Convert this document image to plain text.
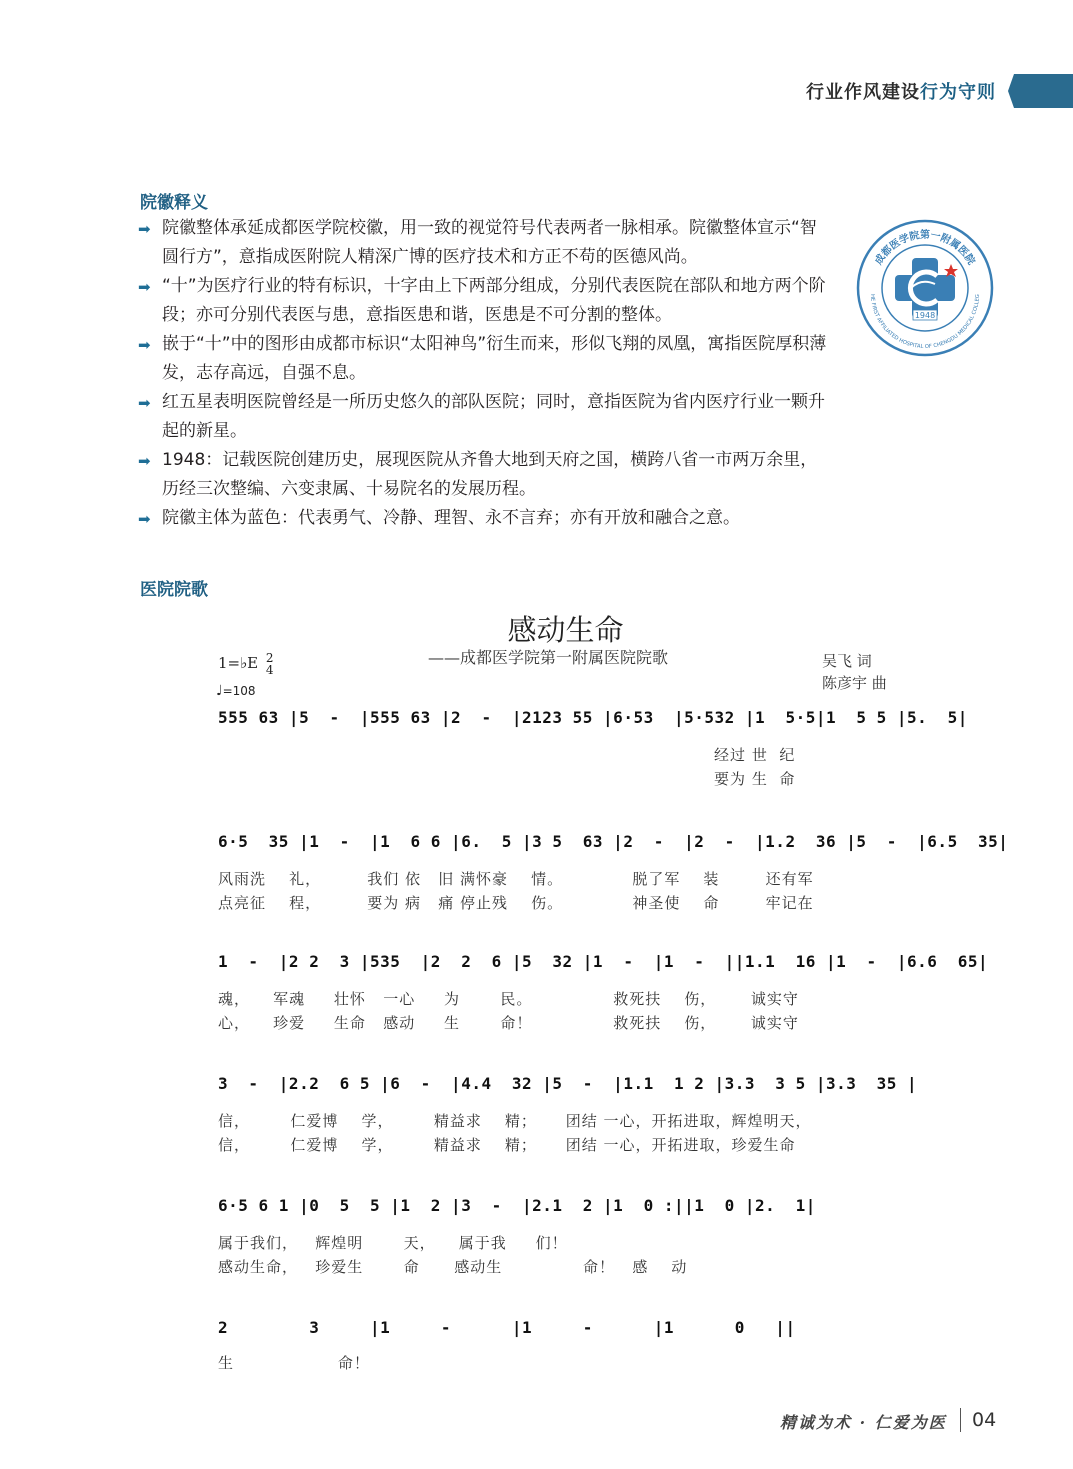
行业作风建设行为守则
院徽释义
➡ 院徽整体承延成都医学院校徽，用一致的视觉符号代表两者一脉相承。院徽整体宣示“智圆行方”，意指成医附院人精深广博的医疗技术和方正不苟的医德风尚。
➡ “十”为医疗行业的特有标识，十字由上下两部分组成，分别代表医院在部队和地方两个阶段；亦可分别代表医与患，意指医患和谐，医患是不可分割的整体。
➡ 嵌于“十”中的图形由成都市标识“太阳神鸟”衍生而来，形似飞翔的凤凰，寓指医院厚积薄发，志存高远，自强不息。
➡ 红五星表明医院曾经是一所历史悠久的部队医院；同时，意指医院为省内医疗行业一颗升起的新星。
➡ 1948：记载医院创建历史，展现医院从齐鲁大地到天府之国，横跨八省一市两万余里，历经三次整编、六变隶属、十易院名的发展历程。
➡ 院徽主体为蓝色：代表勇气、冷静、理智、永不言弃；亦有开放和融合之意。
成都医学院第一附属医院
HE FIRST AFFILIATED HOSPITAL OF CHENGDU MEDICAL COLLEG
1948
医院院歌
感动生命
——成都医学院第一附属医院院歌	吴飞 词
陈彦宇 曲
1=♭E 2
4
♩=108
555 63 |5  -  |555 63 |2  -  |2123 55 |6·53  |5·532 |1  5·5|1  5 5 |5.  5|
经过 世  纪
要为 生  命
6·5  35 |1  -  |1  6 6 |6.  5 |3 5  63 |2  -  |2  -  |1.2  36 |5  -  |6.5  35|
风雨洗    礼，        我们 依   旧 满怀豪    情。            脱了军    装        还有军
点亮征    程，        要为 病   痛 停止残    伤。            神圣使    命        牢记在
1  -  |2 2  3 |535  |2  2  6 |5  32 |1  -  |1  -  ||1.1  16 |1  -  |6.6  65|
魂，    军魂     壮怀   一心     为       民。              救死扶    伤，      诚实守
心，    珍爱     生命   感动     生       命！              救死扶    伤，      诚实守
3  -  |2.2  6 5 |6  -  |4.4  32 |5  -  |1.1  1 2 |3.3  3 5 |3.3  35 |
信，       仁爱博    学，       精益求    精；     团结 一心，开拓进取，辉煌明天，
信，       仁爱博    学，       精益求    精；     团结 一心，开拓进取，珍爱生命
6·5 6 1 |0  5  5 |1  2 |3  -  |2.1  2 |1  0 :||1  0 |2.  1|
属于我们，   辉煌明       天，    属于我     们！
感动生命，   珍爱生       命      感动生              命！   感    动
2        3     |1     -      |1     -      |1      0   ||
生                  命！
精诚为术 · 仁爱为医 04
